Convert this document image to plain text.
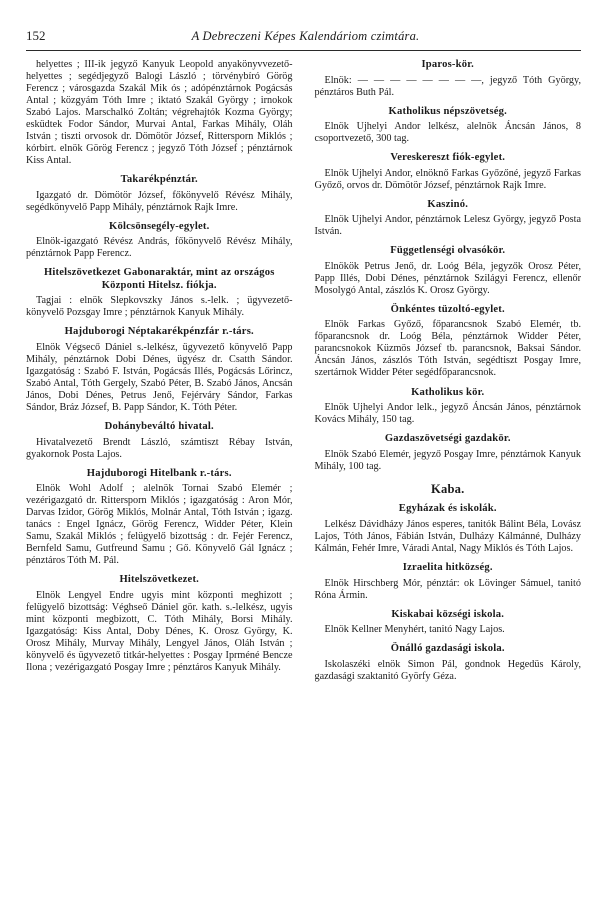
152	A Debreczeni Képes Kalendáriom czimtára.

helyettes ; III-ik jegyző Kanyuk Leopold anyakönyvvezető-helyettes ; segédjegyző Balogi László ; törvénybíró Görög Ferencz ; városgazda Szakál Mik ós ; adópénztárnok Pogácsás Antal ; közgyám Tóth Imre ; iktató Szakál György ; irnokok Szabó Lajos. Marschalkó Zoltán; végrehajtók Kozma György; esküdtek Fodor Sándor, Murvai Antal, Farkas Mihály, Oláh István ; tiszti orvosok dr. Dömötör József, Rittersporn Miklós ; kórbirt. elnök Görög Ferencz ; jegyző Tóth József ; pénztárnok Kiss Antal.

Takarékpénztár.

Igazgató dr. Dömötör József, főkönyvelő Révész Mihály, segédkönyvelő Papp Mihály, pénztárnok Rajk Imre.

Kölcsönsegély-egylet.

Elnök-igazgató Révész András, főkönyvelő Révész Mihály, pénztárnok Papp Ferencz.

Hitelszövetkezet Gabonaraktár, mint az országos Központi Hitelsz. fiókja.

Tagjai : elnök Slepkovszky János s.-lelk. ; ügyvezető-könyvelő Pozsgay Imre ; pénztárnok Kanyuk Mihály.

Hajduborogi Néptakarékpénzfár r.-társ.

Elnök Végsecő Dániel s.-lelkész, ügyvezető könyvelő Papp Mihály, pénztárnok Dobi Dénes, ügyész dr. Csatth Sándor. Igazgatóság : Szabó F. István, Pogácsás Illés, Pogácsás Lőrincz, Szabó Antal, Tóth Gergely, Szabó Péter, B. Szabó János, Ancsán János, Dobi Dénes, Petrus Jenő, Fejérváry Sándor, Farkas Sándor, Bráz József, B. Papp Sándor, K. Tóth Péter.

Dohánybeváltó hivatal.

Hivatalvezető Brendt László, számtiszt Rébay István, gyakornok Posta Lajos.

Hajduborogi Hitelbank r.-társ.

Elnök Wohl Adolf ; alelnök Tornai Szabó Elemér ; vezérigazgató dr. Rittersporn Miklós ; igazgatóság : Aron Mór, Darvas Izidor, Görög Miklós, Molnár Antal, Tóth István ; igazg. tanács : Engel Ignácz, Görög Ferencz, Widder Péter, Klein Samu, Szakál Miklós ; felügyelő bizottság : dr. Fejér Ferencz, Bernfeld Samu, Gutfreund Samu ; Gő. Könyvelő Gál Ignácz ; pénztáros Tóth M. Pál.

Hitelszövetkezet.

Elnök Lengyel Endre ugyis mint központi meghizott ; felügyelő bizottság: Véghseő Dániel gör. kath. s.-lelkész, ugyis mint központi megbizott, C. Tóth Mihály, Borsi Mihály. Igazgatóság: Kiss Antal, Doby Dénes, K. Orosz György, K. Orosz Mihály, Murvay Mihály, Lengyel János, Oláh István ; könyvelő és ügyvezető titkár-helyettes : Posgay Iprméné Bencze Ilona ; vezérigazgató Posgay Imre ; pénztáros Kanyuk Mihály.

Iparos-kör.

Elnök: — — — — — — — —, jegyző Tóth György, pénztáros Buth Pál.

Katholikus népszövetség.

Elnök Ujhelyi Andor lelkész, alelnök Áncsán János, 8 csoportvezető, 300 tag.

Vereskereszt fiók-egylet.

Elnök Ujhelyi Andor, elnöknő Farkas Győzőné, jegyző Farkas Győző, orvos dr. Dömötör József, pénztárnok Rajk Imre.

Kaszinó.

Elnök Ujhelyi Andor, pénztárnok Lelesz György, jegyző Posta István.

Függetlenségi olvasókör.

Elnökök Petrus Jenő, dr. Loóg Béla, jegyzők Orosz Péter, Papp Illés, Dobi Dénes, pénztárnok Szilágyi Ferencz, ellenőr Mosolygó Antal, zászlós K. Orosz György.

Önkéntes tüzoltó-egylet.

Elnök Farkas Győző, főparancsnok Szabó Elemér, tb. főparancsnok dr. Loóg Béla, pénztárnok Widder Péter, parancsnokok Küzmös József tb. parancsnok, Baksai Sándor. Áncsán János, zászlós Tóth István, segédtiszt Posgay Imre, szertárnok Widder Péter segédfőparancsnok.

Katholikus kör.

Elnök Ujhelyi Andor lelk., jegyző Áncsán János, pénztárnok Kovács Mihály, 150 tag.

Gazdaszövetségi gazdakör.

Elnök Szabó Elemér, jegyző Posgay Imre, pénztárnok Kanyuk Mihály, 100 tag.

Kaba.
Egyházak és iskolák.

Lelkész Dávidházy János esperes, tanitók Bálint Béla, Lovász Lajos, Tóth János, Fábián István, Dulházy Kálmánné, Dulházy Kálmán, Fehér Imre, Váradi Antal, Nagy Miklós és Tóth Lajos.

Izraelita hitközség.

Elnök Hirschberg Mór, pénztár: ok Lövinger Sámuel, tanitó Róna Ármin.

Kiskabai községi iskola.

Elnök Kellner Menyhért, tanitó Nagy Lajos.

Önálló gazdasági iskola.

Iskolaszéki elnök Simon Pál, gondnok Hegedüs Károly, gazdasági szaktanitó Györfy Géza.
